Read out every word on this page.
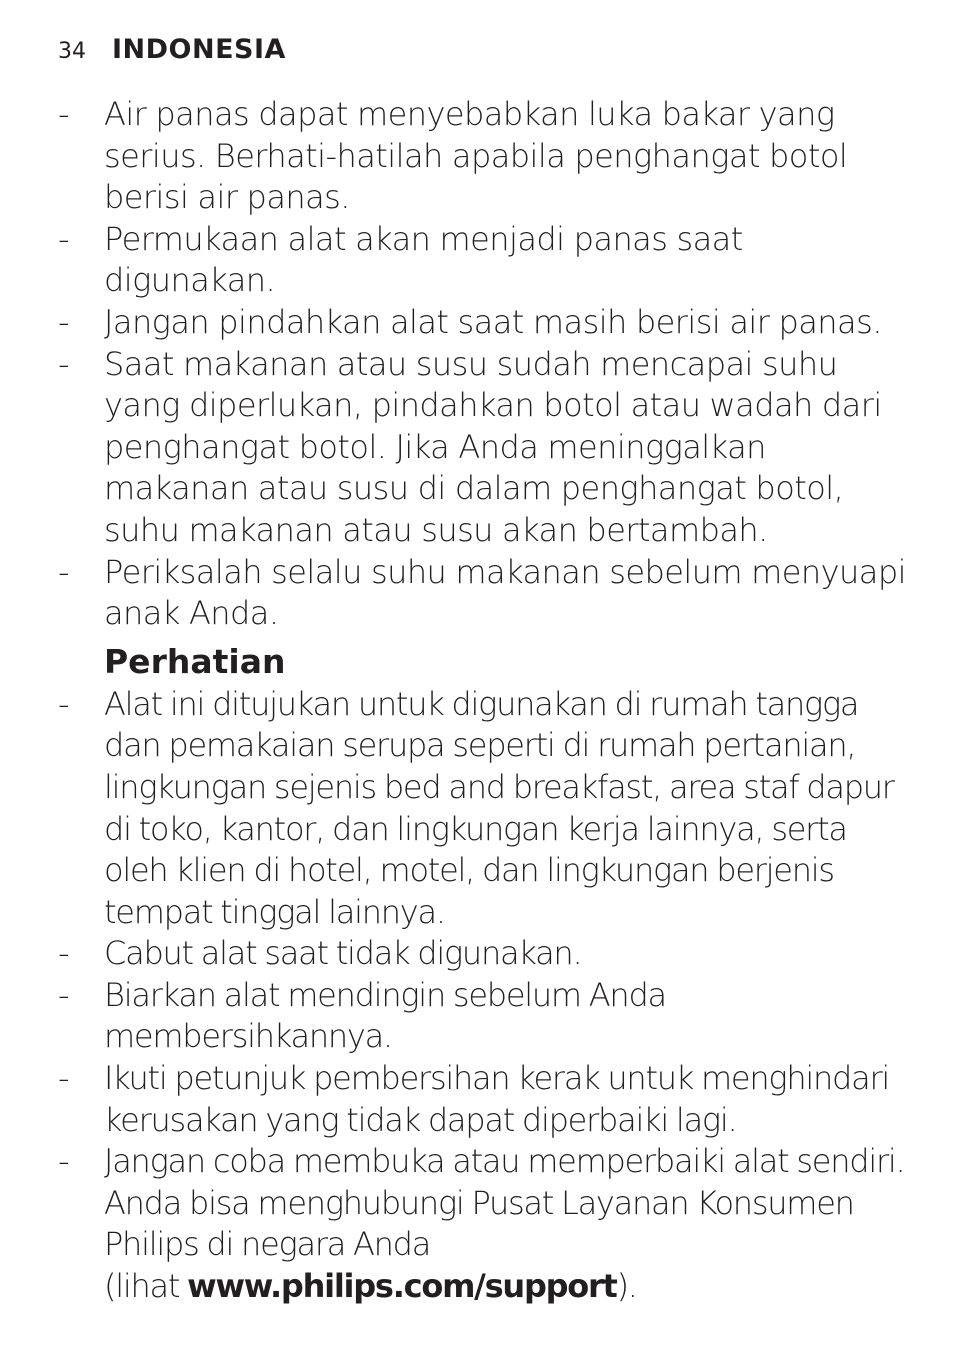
34 INDONESIA
- Air panas dapat menyebabkan luka bakar yang serius. Berhati-hatilah apabila penghangat botol berisi air panas.
- Permukaan alat akan menjadi panas saat digunakan.
- Jangan pindahkan alat saat masih berisi air panas.
- Saat makanan atau susu sudah mencapai suhu yang diperlukan, pindahkan botol atau wadah dari penghangat botol. Jika Anda meninggalkan makanan atau susu di dalam penghangat botol, suhu makanan atau susu akan bertambah.
- Periksalah selalu suhu makanan sebelum menyuapi anak Anda.
Perhatian
-	Alat ini ditujukan untuk digunakan di rumah tangga dan pemakaian serupa seperti di rumah pertanian, lingkungan sejenis bed and breakfast, area staf dapur di toko, kantor, dan lingkungan kerja lainnya, serta oleh klien di hotel, motel, dan lingkungan berjenis tempat tinggal lainnya.
-	Cabut alat saat tidak digunakan.
-	Biarkan alat mendingin sebelum Anda membersihkannya.
-	Ikuti petunjuk pembersihan kerak untuk menghindari kerusakan yang tidak dapat diperbaiki lagi.
-	Jangan coba membuka atau memperbaiki alat sendiri. Anda bisa menghubungi Pusat Layanan Konsumen Philips di negara Anda
(lihat www.philips.com/support).
